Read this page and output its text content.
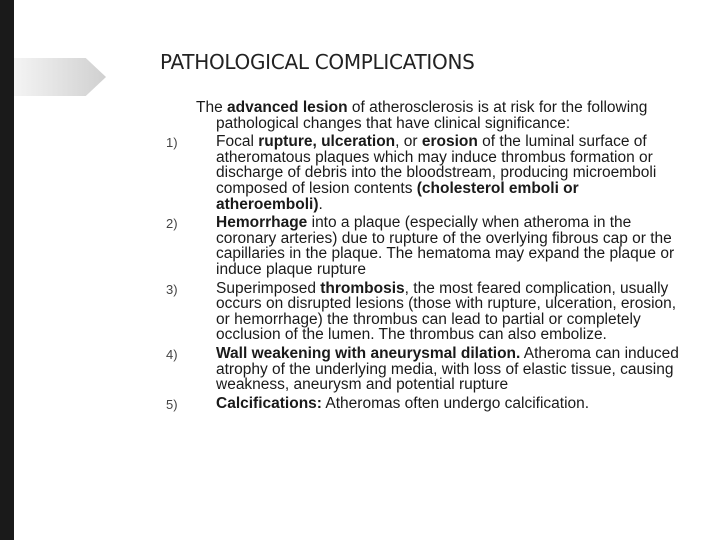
PATHOLOGICAL COMPLICATIONS

The advanced lesion of atherosclerosis is at risk for the following pathological changes that have clinical significance:

1)	Focal rupture, ulceration, or erosion of the luminal surface of atheromatous plaques which may induce thrombus formation or discharge of debris into the bloodstream, producing microemboli composed of lesion contents (cholesterol emboli or atheroemboli).
2)	Hemorrhage into a plaque (especially when atheroma in the coronary arteries) due to rupture of the overlying fibrous cap or the capillaries in the plaque. The hematoma may expand the plaque or induce plaque rupture
3)	Superimposed thrombosis, the most feared complication, usually occurs on disrupted lesions (those with rupture, ulceration, erosion, or hemorrhage) the thrombus can lead to partial or completely occlusion of the lumen. The thrombus can also embolize.
4)	Wall weakening with aneurysmal dilation. Atheroma can induced atrophy of the underlying media, with loss of elastic tissue, causing weakness, aneurysm and potential rupture
5)	Calcifications: Atheromas often undergo calcification.
